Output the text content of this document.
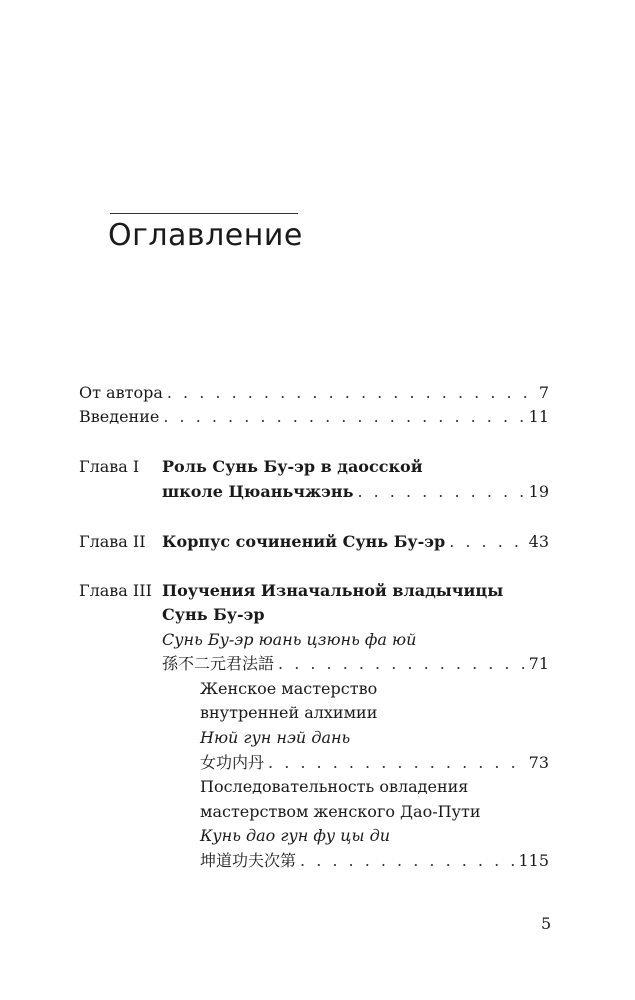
Оглавление
От автора . . .	7
Введение . . .	11
Глава I Роль Сунь Бу-эр в даосской
школе Цюаньчжэнь . . .	19
Глава II Корпус сочинений Сунь Бу-эр . . .	43
Глава III Поучения Изначальной владычицы
Сунь Бу-эр
Сунь Бу-эр юань цзюнь фа юй
孫不二元君法語 . . .	71
Женское мастерство
внутренней алхимии
Нюй гун нэй дань
女功内丹 . . .	73
Последовательность овладения
мастерством женского Дао-Пути
Кунь дао гун фу цы ди
坤道功夫次第 . . .	115
5
